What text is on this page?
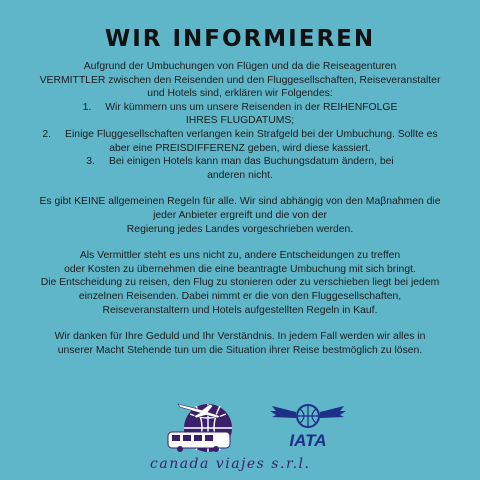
WIR INFORMIEREN

Aufgrund der Umbuchungen von Flügen und da die Reiseagenturen

VERMITTLER zwischen den Reisenden und den Fluggesellschaften, Reiseveranstalter

und Hotels sind, erklären wir Folgendes:

1. Wir kümmern uns um unsere Reisenden in der REIHENFOLGE

IHRES FLUGDATUMS;

2. Einige Fluggesellschaften verlangen kein Strafgeld bei der Umbuchung. Sollte es

aber eine PREISDIFFERENZ geben, wird diese kassiert.

3. Bei einigen Hotels kann man das Buchungsdatum ändern, bei

anderen nicht.

Es gibt KEINE allgemeinen Regeln für alle. Wir sind abhängig von den Maβnahmen die

jeder Anbieter ergreift und die von der

Regierung jedes Landes vorgeschrieben werden.

Als Vermittler steht es uns nicht zu, andere Entscheidungen zu treffen

oder Kosten zu übernehmen die eine beantragte Umbuchung mit sich bringt.

Die Entscheidung zu reisen, den Flug zu stonieren oder zu verschieben liegt bei jedem

einzelnen Reisenden. Dabei nimmt er die von den Fluggesellschaften,

Reiseveranstaltern und Hotels aufgestellten Regeln in Kauf.

Wir danken für Ihre Geduld und Ihr Verständnis. In jedem Fall werden wir alles in

unserer Macht Stehende tun um die Situation ihrer Reise bestmöglich zu lösen.

IATA
canada viajes s.r.l.
